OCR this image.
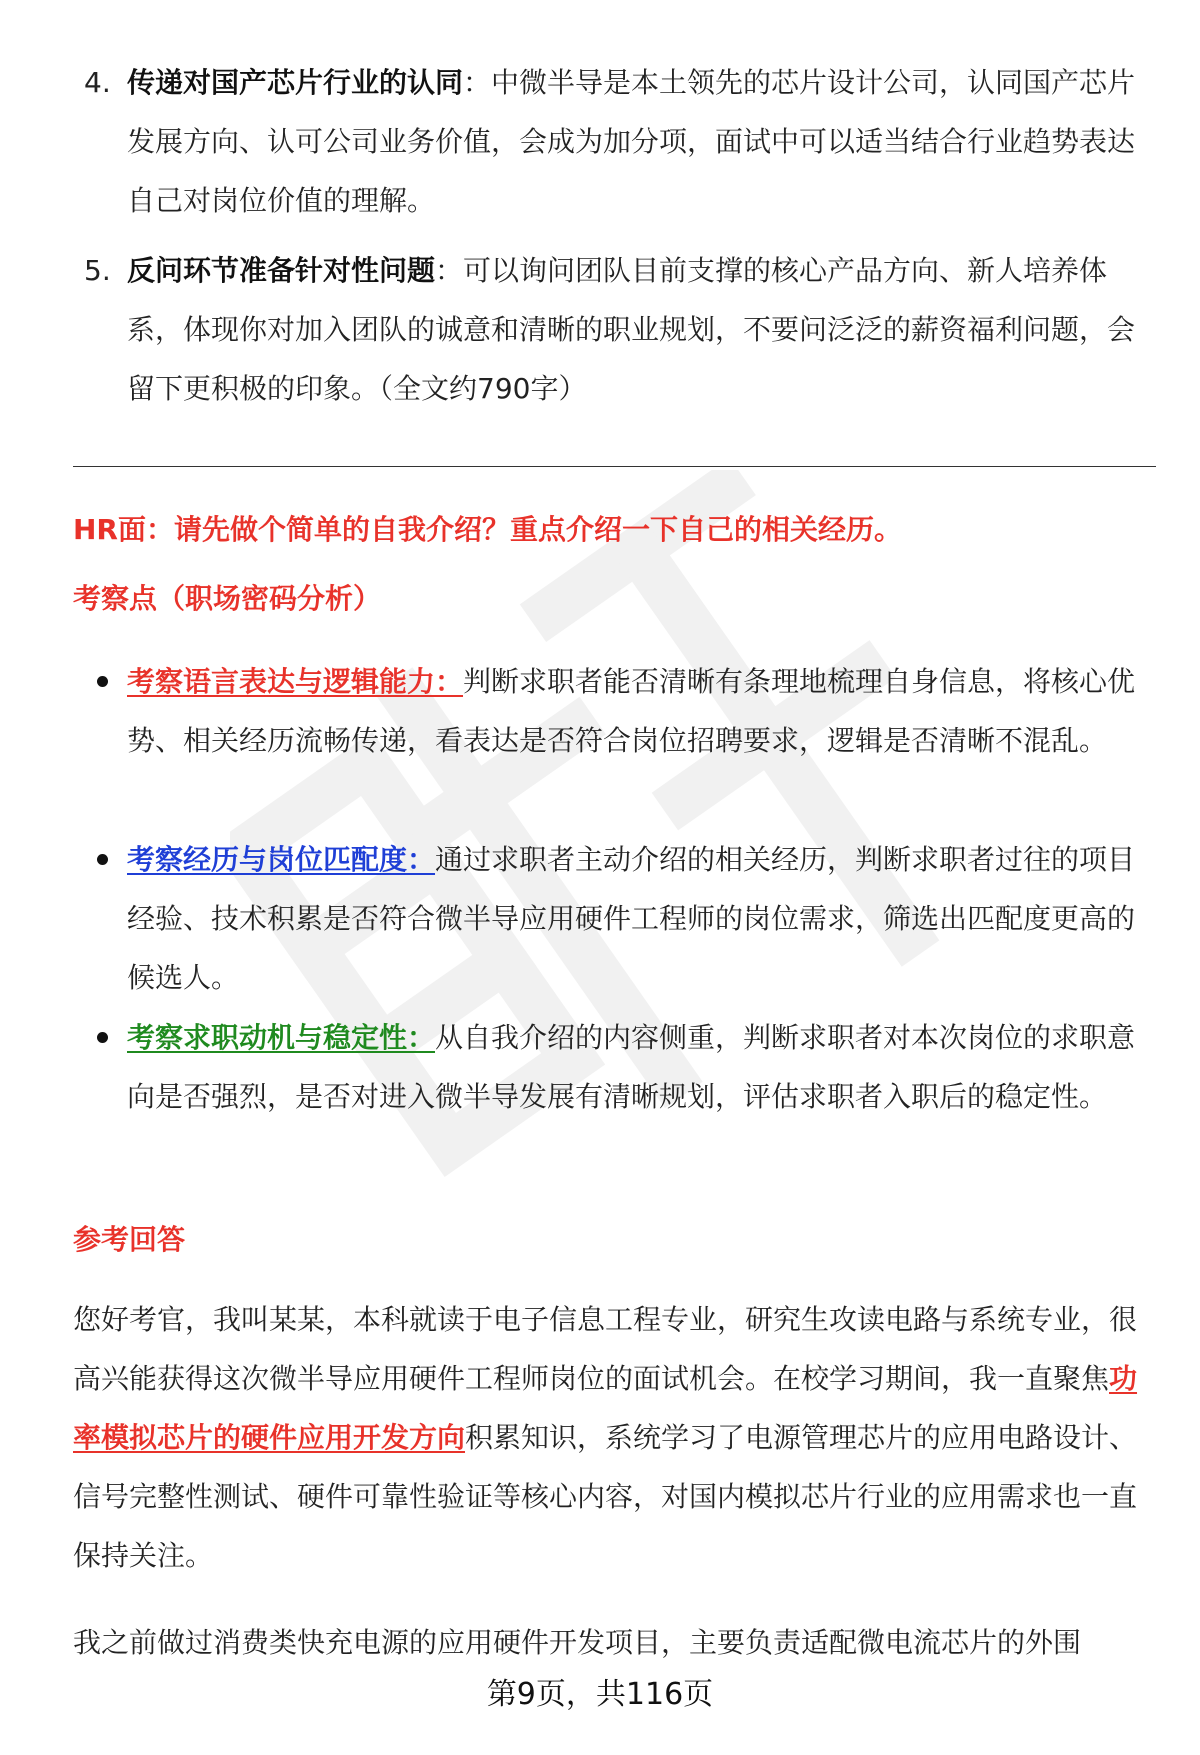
4. 传递对国产芯片行业的认同：中微半导是本土领先的芯片设计公司，认同国产芯片发展方向、认可公司业务价值，会成为加分项，面试中可以适当结合行业趋势表达自己对岗位价值的理解。
5. 反问环节准备针对性问题：可以询问团队目前支撑的核心产品方向、新人培养体系，体现你对加入团队的诚意和清晰的职业规划，不要问泛泛的薪资福利问题，会留下更积极的印象。（全文约790字）
HR面：请先做个简单的自我介绍？重点介绍一下自己的相关经历。
考察点（职场密码分析）
考察语言表达与逻辑能力：判断求职者能否清晰有条理地梳理自身信息，将核心优势、相关经历流畅传递，看表达是否符合岗位招聘要求，逻辑是否清晰不混乱。
考察经历与岗位匹配度：通过求职者主动介绍的相关经历，判断求职者过往的项目经验、技术积累是否符合微半导应用硬件工程师的岗位需求，筛选出匹配度更高的候选人。
考察求职动机与稳定性：从自我介绍的内容侧重，判断求职者对本次岗位的求职意向是否强烈，是否对进入微半导发展有清晰规划，评估求职者入职后的稳定性。
参考回答
您好考官，我叫某某，本科就读于电子信息工程专业，研究生攻读电路与系统专业，很高兴能获得这次微半导应用硬件工程师岗位的面试机会。在校学习期间，我一直聚焦功率模拟芯片的硬件应用开发方向积累知识，系统学习了电源管理芯片的应用电路设计、信号完整性测试、硬件可靠性验证等核心内容，对国内模拟芯片行业的应用需求也一直保持关注。
我之前做过消费类快充电源的应用硬件开发项目，主要负责适配微电流芯片的外围
第9页，共116页
